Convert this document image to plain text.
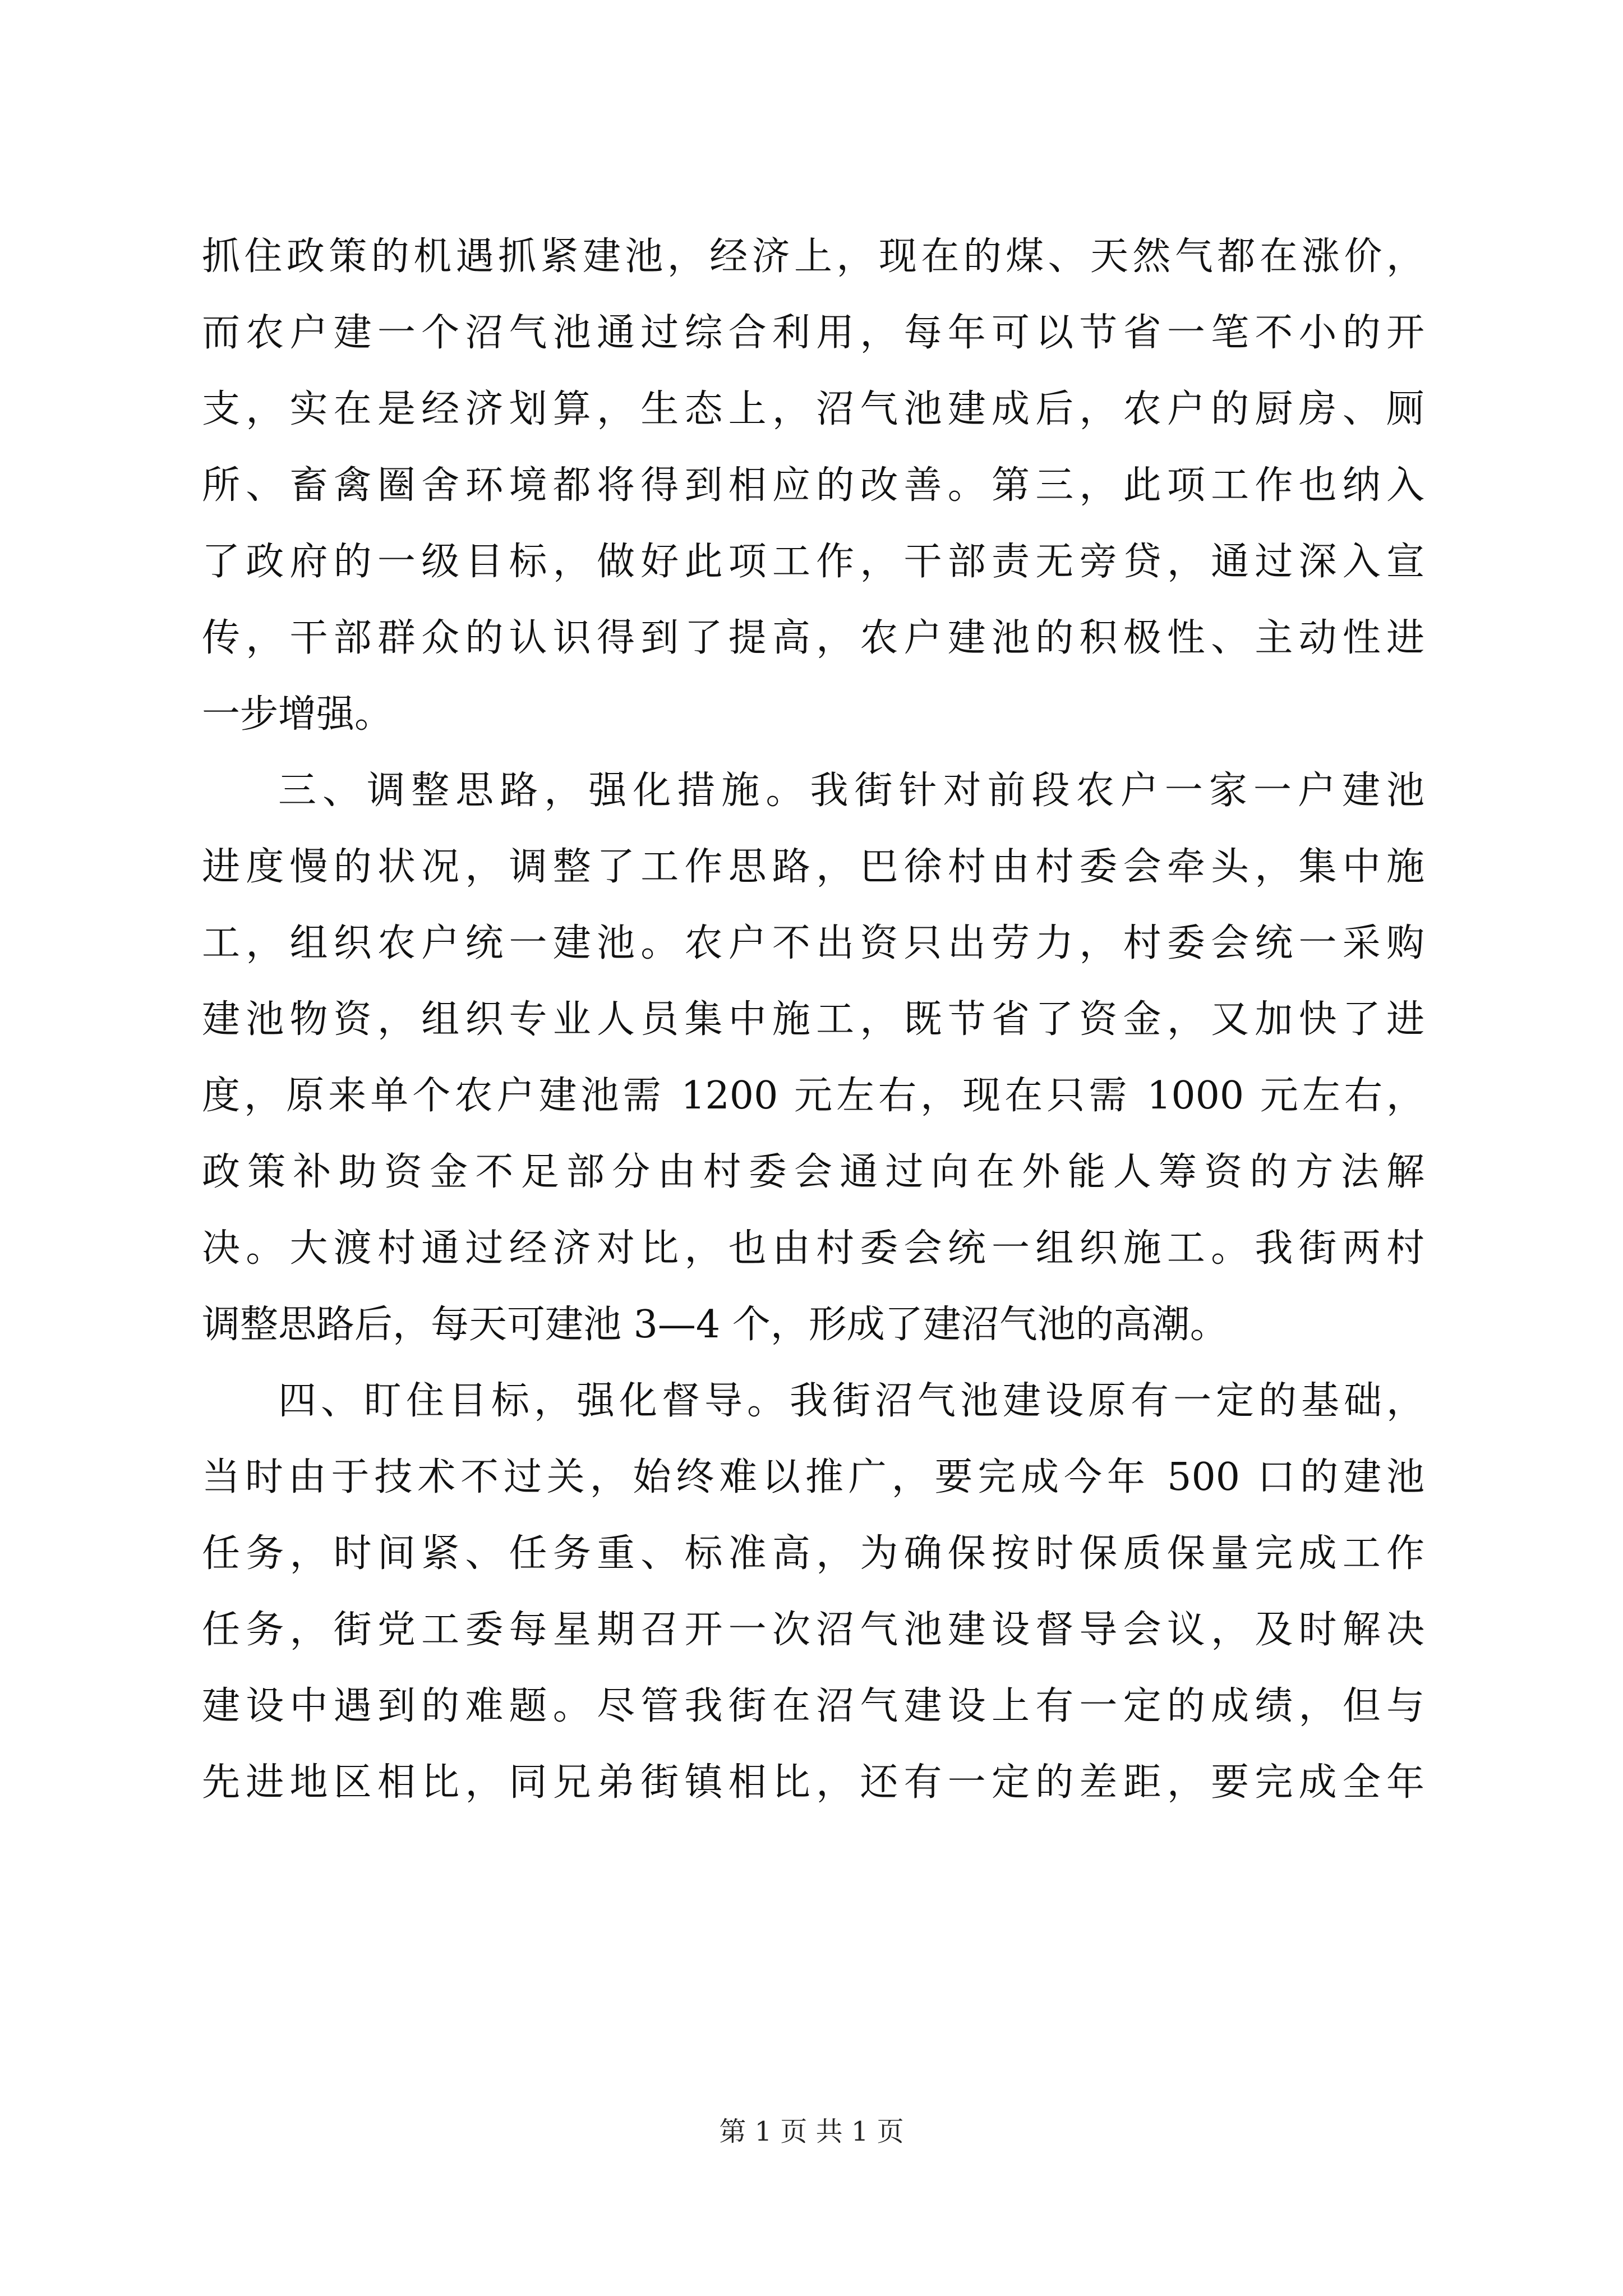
抓住政策的机遇抓紧建池，经济上，现在的煤、天然气都在涨价，
而农户建一个沼气池通过综合利用，每年可以节省一笔不小的开
支，实在是经济划算，生态上，沼气池建成后，农户的厨房、厕
所、畜禽圈舍环境都将得到相应的改善。第三，此项工作也纳入
了政府的一级目标，做好此项工作，干部责无旁贷，通过深入宣
传，干部群众的认识得到了提高，农户建池的积极性、主动性进
一步增强。
三、调整思路，强化措施。我街针对前段农户一家一户建池
进度慢的状况，调整了工作思路，巴徐村由村委会牵头，集中施
工，组织农户统一建池。农户不出资只出劳力，村委会统一采购
建池物资，组织专业人员集中施工，既节省了资金，又加快了进
度，原来单个农户建池需 1200 元左右，现在只需 1000 元左右，
政策补助资金不足部分由村委会通过向在外能人筹资的方法解
决。大渡村通过经济对比，也由村委会统一组织施工。我街两村
调整思路后，每天可建池 3—4 个，形成了建沼气池的高潮。
四、盯住目标，强化督导。我街沼气池建设原有一定的基础，
当时由于技术不过关，始终难以推广，要完成今年 500 口的建池
任务，时间紧、任务重、标准高，为确保按时保质保量完成工作
任务，街党工委每星期召开一次沼气池建设督导会议，及时解决
建设中遇到的难题。尽管我街在沼气建设上有一定的成绩，但与
先进地区相比，同兄弟街镇相比，还有一定的差距，要完成全年
第 1 页 共 1 页
